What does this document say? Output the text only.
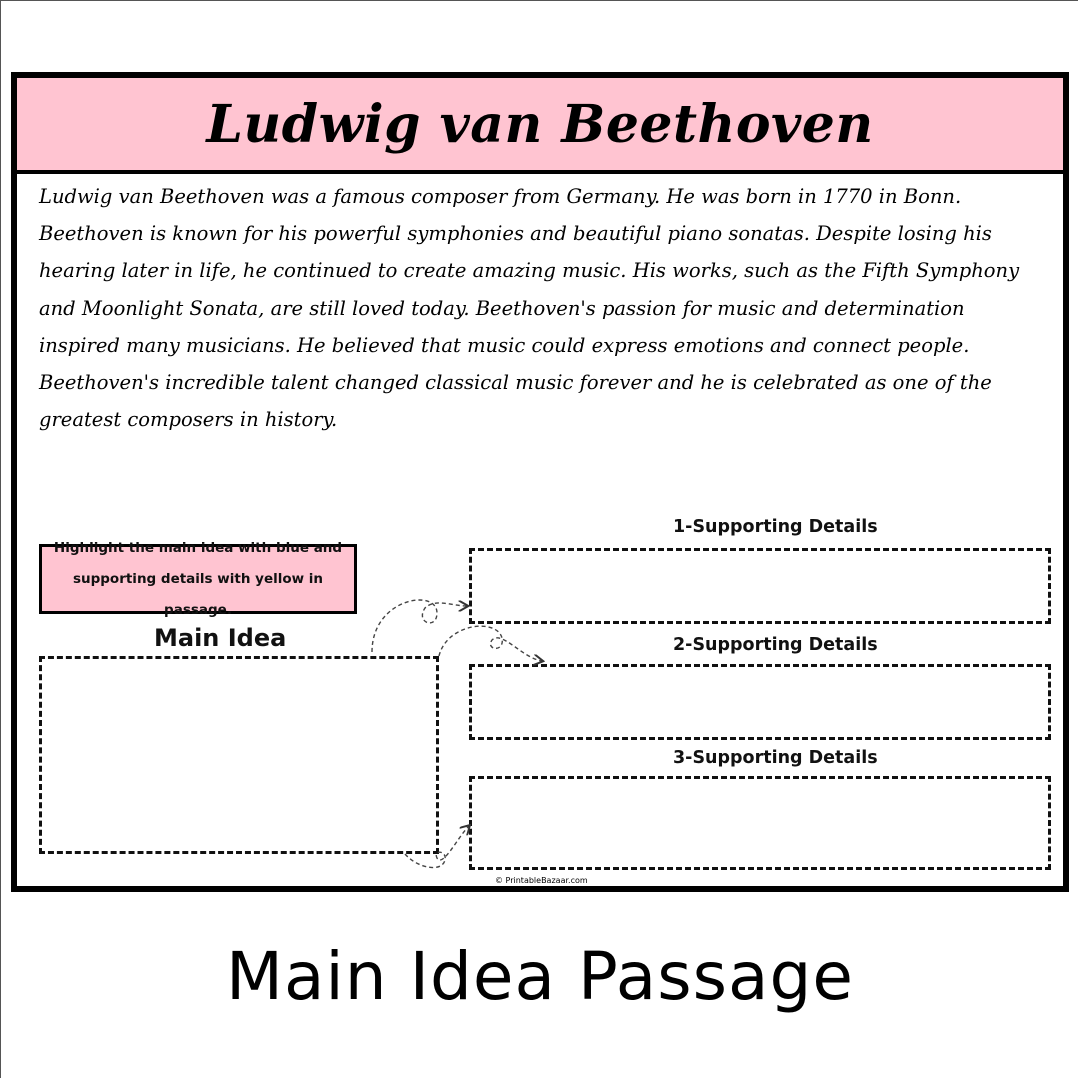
Ludwig van Beethoven

Ludwig van Beethoven was a famous composer from Germany. He was born in 1770 in Bonn. Beethoven is known for his powerful symphonies and beautiful piano sonatas. Despite losing his hearing later in life, he continued to create amazing music. His works, such as the Fifth Symphony and Moonlight Sonata, are still loved today. Beethoven's passion for music and determination inspired many musicians. He believed that music could express emotions and connect people. Beethoven's incredible talent changed classical music forever and he is celebrated as one of the greatest composers in history.

Highlight the main idea with blue and supporting details with yellow in passage.
Main Idea
1-Supporting Details
2-Supporting Details
3-Supporting Details
© PrintableBazaar.com
Main Idea Passage
